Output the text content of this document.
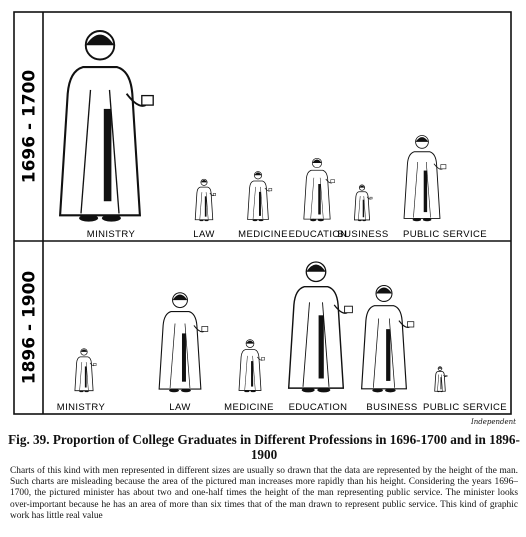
1696 - 1700
MINISTRY	LAW MEDICINE EDUCATION
BUSINESS PUBLIC SERVICE
1896 - 1900
MINISTRY	LAW	MEDICINE EDUCATION BUSINESS PUBLIC SERVICE
Independent
Fig. 39. Proportion of College Graduates in Different Professions in 1696-1700 and in 1896-1900
Charts of this kind with men represented in different sizes are usually so drawn that the data are represented by the height of the man. Such charts are misleading because the area of the pictured man increases more rapidly than his height. Considering the years 1696–1700, the pictured minister has about two and one-half times the height of the man representing public service. The minister looks over-important because he has an area of more than six times that of the man drawn to represent public service. This kind of graphic work has little real value
